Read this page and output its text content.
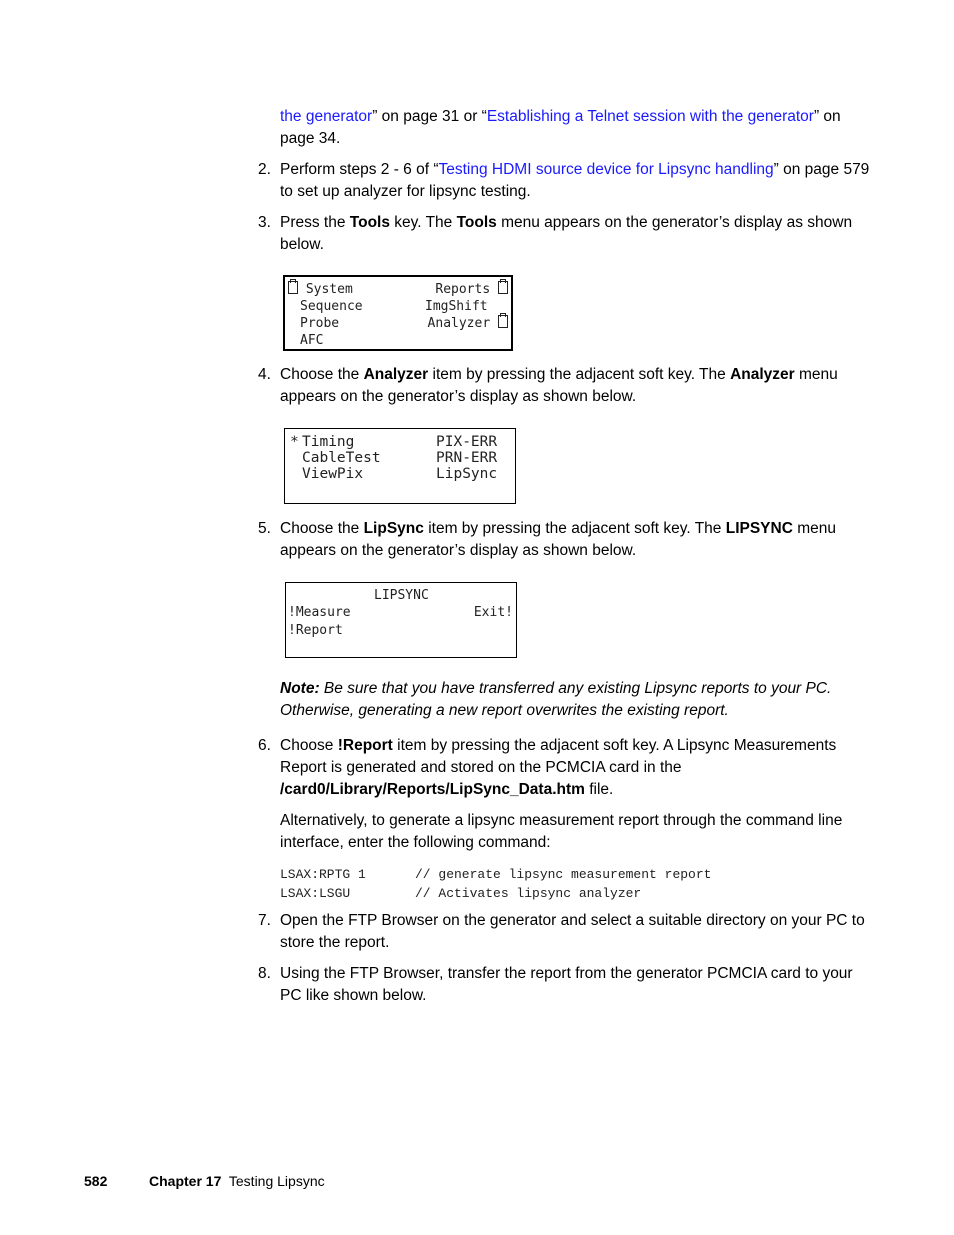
the generator” on page 31 or “Establishing a Telnet session with the generator” on page 34.
2. Perform steps 2 - 6 of “Testing HDMI source device for Lipsync handling” on page 579 to set up analyzer for lipsync testing.
3. Press the Tools key. The Tools menu appears on the generator’s display as shown below.
System	Reports
Sequence	ImgShift
Probe	Analyzer
AFC
4. Choose the Analyzer item by pressing the adjacent soft key. The Analyzer menu appears on the generator’s display as shown below.
* Timing	PIX-ERR
CableTest	PRN-ERR
ViewPix	LipSync
5. Choose the LipSync item by pressing the adjacent soft key. The LIPSYNC menu appears on the generator’s display as shown below.
LIPSYNC
!Measure	Exit!
!Report
Note: Be sure that you have transferred any existing Lipsync reports to your PC. Otherwise, generating a new report overwrites the existing report.
6. Choose !Report item by pressing the adjacent soft key. A Lipsync Measurements Report is generated and stored on the PCMCIA card in the /card0/Library/Reports/LipSync_Data.htm file.
Alternatively, to generate a lipsync measurement report through the command line interface, enter the following command:
LSAX:RPTG 1	// generate lipsync measurement report
LSAX:LSGU	// Activates lipsync analyzer
7. Open the FTP Browser on the generator and select a suitable directory on your PC to store the report.
8. Using the FTP Browser, transfer the report from the generator PCMCIA card to your PC like shown below.
582	Chapter 17 Testing Lipsync
